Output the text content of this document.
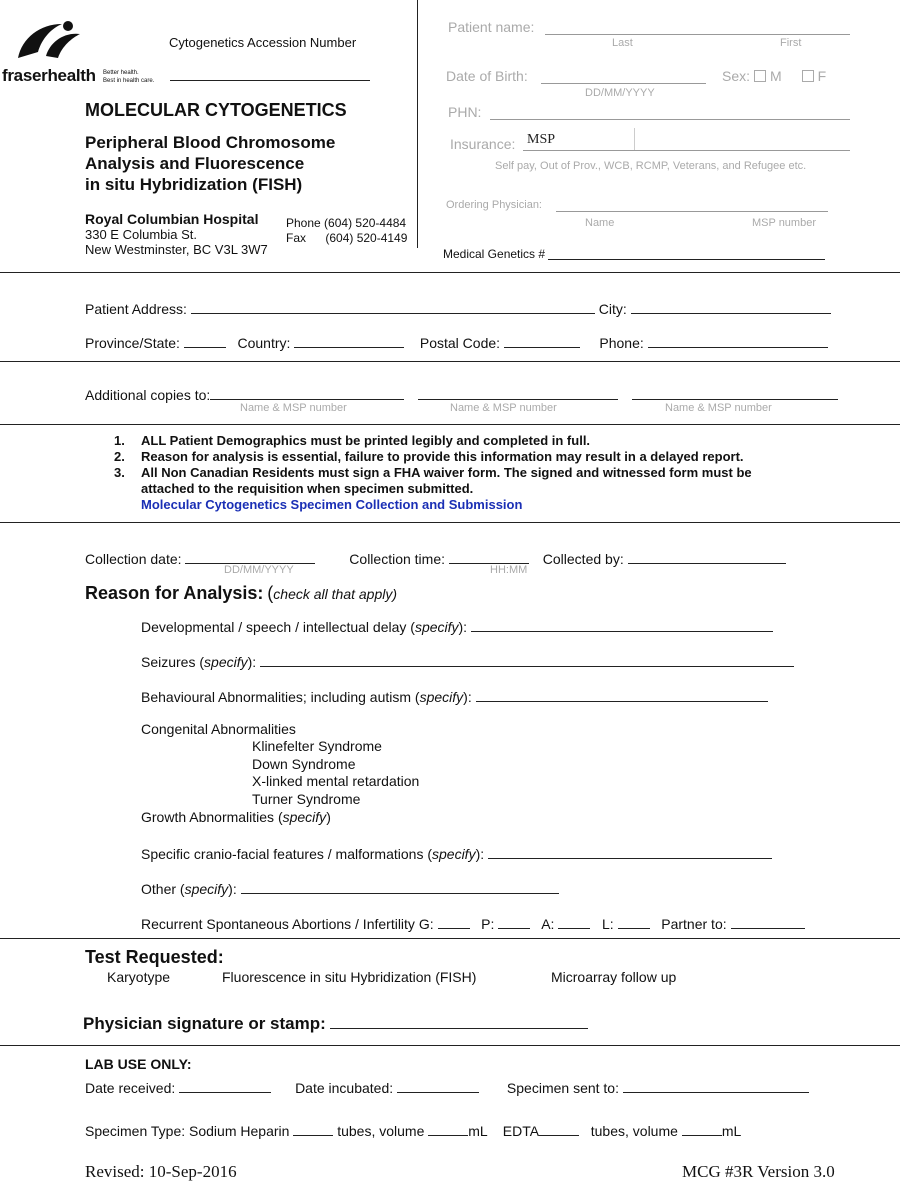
fraserhealth Better health.
Best in health care.
Cytogenetics Accession Number
MOLECULAR CYTOGENETICS
Peripheral Blood Chromosome
Analysis and Fluorescence
in situ Hybridization (FISH)
Royal Columbian Hospital
330 E Columbia St.
New Westminster, BC V3L 3W7
Phone (604) 520-4484
Fax (604) 520-4149
Patient name:
Last	First
Date of Birth:
DD/MM/YYYY
Sex: M	F
PHN:
Insurance: MSP
Self pay, Out of Prov., WCB, RCMP, Veterans, and Refugee etc.
Ordering Physician:
Name	MSP number
Medical Genetics #
Patient Address:	City:
Province/State:	Country:	Postal Code:	Phone:
Additional copies to:
Name & MSP number	Name & MSP number	Name & MSP number
1. ALL Patient Demographics must be printed legibly and completed in full.
2. Reason for analysis is essential, failure to provide this information may result in a delayed report.
3. All Non Canadian Residents must sign a FHA waiver form. The signed and witnessed form must be
attached to the requisition when specimen submitted.
Molecular Cytogenetics Specimen Collection and Submission
Collection date:	Collection time:	Collected by:
DD/MM/YYYY	HH:MM
Reason for Analysis: (check all that apply)
Developmental / speech / intellectual delay (specify):
Seizures (specify):
Behavioural Abnormalities; including autism (specify):
Congenital Abnormalities
Klinefelter Syndrome
Down Syndrome
X-linked mental retardation
Turner Syndrome
Growth Abnormalities (specify)
Specific cranio-facial features / malformations (specify):
Other (specify):
Recurrent Spontaneous Abortions / Infertility G:	P:	A:	L:	Partner to:
Test Requested:
Karyotype	Fluorescence in situ Hybridization (FISH)	Microarray follow up
Physician signature or stamp:
LAB USE ONLY:
Date received:	Date incubated:	Specimen sent to:
Specimen Type: Sodium Heparin	tubes, volume	mL EDTA	tubes, volume	mL
Revised: 10-Sep-2016	MCG #3R Version 3.0
